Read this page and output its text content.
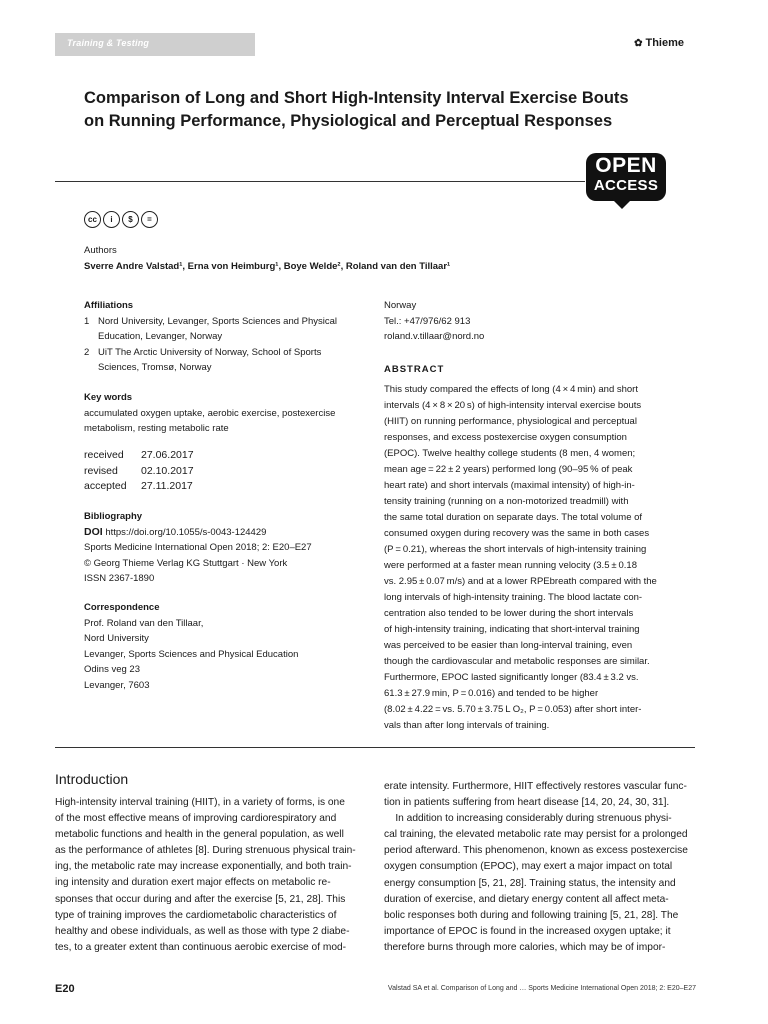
Training & Testing	✿ Thieme
Comparison of Long and Short High-Intensity Interval Exercise Bouts on Running Performance, Physiological and Perceptual Responses
OPEN
ACCESS
cc	i	$	=
Authors
Sverre Andre Valstad¹, Erna von Heimburg¹, Boye Welde², Roland van den Tillaar¹
Affiliations
1 Nord University, Levanger, Sports Sciences and Physical Education, Levanger, Norway
2 UiT The Arctic University of Norway, School of Sports Sciences, Tromsø, Norway
Key words
accumulated oxygen uptake, aerobic exercise, postexercise metabolism, resting metabolic rate
received	27.06.2017
revised	02.10.2017
accepted	27.11.2017
Bibliography
DOI https://doi.org/10.1055/s-0043-124429
Sports Medicine International Open 2018; 2: E20–E27
© Georg Thieme Verlag KG Stuttgart · New York
ISSN 2367-1890
Correspondence
Prof. Roland van den Tillaar,
Nord University
Levanger, Sports Sciences and Physical Education
Odins veg 23
Levanger, 7603
Norway
Tel.: +47/976/62 913
roland.v.tillaar@nord.no
ABSTRACT
This study compared the effects of long (4 × 4 min) and short
intervals (4 × 8 × 20 s) of high-intensity interval exercise bouts
(HIIT) on running performance, physiological and perceptual
responses, and excess postexercise oxygen consumption
(EPOC). Twelve healthy college students (8 men, 4 women;
mean age = 22 ± 2 years) performed long (90–95 % of peak
heart rate) and short intervals (maximal intensity) of high-in-
tensity training (running on a non-motorized treadmill) with
the same total duration on separate days. The total volume of
consumed oxygen during recovery was the same in both cases
(P = 0.21), whereas the short intervals of high-intensity training
were performed at a faster mean running velocity (3.5 ± 0.18
vs. 2.95 ± 0.07 m/s) and at a lower RPEbreath compared with the
long intervals of high-intensity training. The blood lactate con-
centration also tended to be lower during the short intervals
of high-intensity training, indicating that short-interval training
was perceived to be easier than long-interval training, even
though the cardiovascular and metabolic responses are similar.
Furthermore, EPOC lasted significantly longer (83.4 ± 3.2 vs.
61.3 ± 27.9 min, P = 0.016) and tended to be higher
(8.02 ± 4.22 = vs. 5.70 ± 3.75 L O₂, P = 0.053) after short inter-
vals than after long intervals of training.
Introduction
High-intensity interval training (HIIT), in a variety of forms, is one
of the most effective means of improving cardiorespiratory and
metabolic functions and health in the general population, as well
as the performance of athletes [8]. During strenuous physical train-
ing, the metabolic rate may increase exponentially, and both train-
ing intensity and duration exert major effects on metabolic re-
sponses that occur during and after the exercise [5, 21, 28]. This
type of training improves the cardiometabolic characteristics of
healthy and obese individuals, as well as those with type 2 diabe-
tes, to a greater extent than continuous aerobic exercise of mod-
erate intensity. Furthermore, HIIT effectively restores vascular func-
tion in patients suffering from heart disease [14, 20, 24, 30, 31].
In addition to increasing considerably during strenuous physi-
cal training, the elevated metabolic rate may persist for a prolonged
period afterward. This phenomenon, known as excess postexercise
oxygen consumption (EPOC), may exert a major impact on total
energy consumption [5, 21, 28]. Training status, the intensity and
duration of exercise, and dietary energy content all affect meta-
bolic responses both during and following training [5, 21, 28]. The
importance of EPOC is found in the increased oxygen uptake; it
therefore burns through more calories, which may be of impor-
E20	Valstad SA et al. Comparison of Long and … Sports Medicine International Open 2018; 2: E20–E27
